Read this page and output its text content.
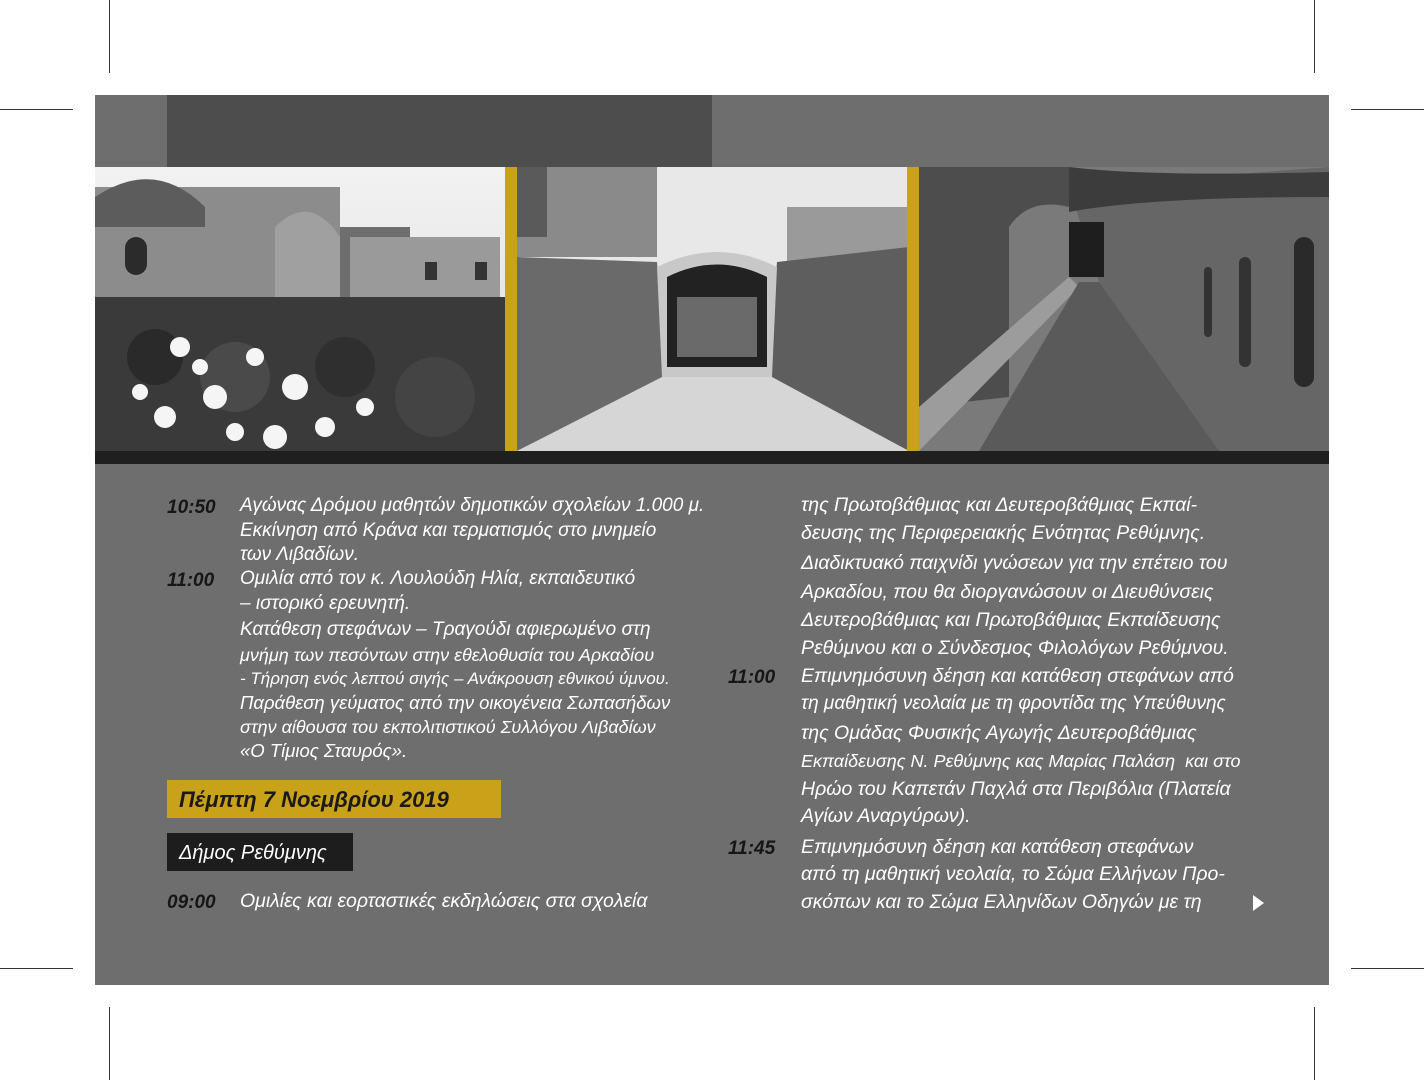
10:50 Αγώνας Δρόμου μαθητών δημοτικών σχολείων 1.000 μ.
Εκκίνηση από Κράνα και τερματισμός στο μνημείο
των Λιβαδίων.
11:00 Ομιλία από τον κ. Λουλούδη Ηλία, εκπαιδευτικό
– ιστορικό ερευνητή.
Κατάθεση στεφάνων – Τραγούδι αφιερωμένο στη
μνήμη των πεσόντων στην εθελοθυσία του Αρκαδίου
- Τήρηση ενός λεπτού σιγής – Ανάκρουση εθνικού ύμνου.
Παράθεση γεύματος από την οικογένεια Σωπασήδων
στην αίθουσα του εκπολιτιστικού Συλλόγου Λιβαδίων
«Ο Τίμιος Σταυρός».
Πέμπτη 7 Νοεμβρίου 2019
Δήμος Ρεθύμνης
09:00 Ομιλίες και εορταστικές εκδηλώσεις στα σχολεία
της Πρωτοβάθμιας και Δευτεροβάθμιας Εκπαί-
δευσης της Περιφερειακής Ενότητας Ρεθύμνης.
Διαδικτυακό παιχνίδι γνώσεων για την επέτειο του
Αρκαδίου, που θα διοργανώσουν οι Διευθύνσεις
Δευτεροβάθμιας και Πρωτοβάθμιας Εκπαίδευσης
Ρεθύμνου και ο Σύνδεσμος Φιλολόγων Ρεθύμνου.
11:00 Επιμνημόσυνη δέηση και κατάθεση στεφάνων από
τη μαθητική νεολαία με τη φροντίδα της Υπεύθυνης
της Ομάδας Φυσικής Αγωγής Δευτεροβάθμιας
Εκπαίδευσης Ν. Ρεθύμνης κας Μαρίας Παλάση  και στο
Ηρώο του Καπετάν Παχλά στα Περιβόλια (Πλατεία
Αγίων Αναργύρων).
11:45 Επιμνημόσυνη δέηση και κατάθεση στεφάνων
από τη μαθητική νεολαία, το Σώμα Ελλήνων Προ-
σκόπων και το Σώμα Ελληνίδων Οδηγών με τη
